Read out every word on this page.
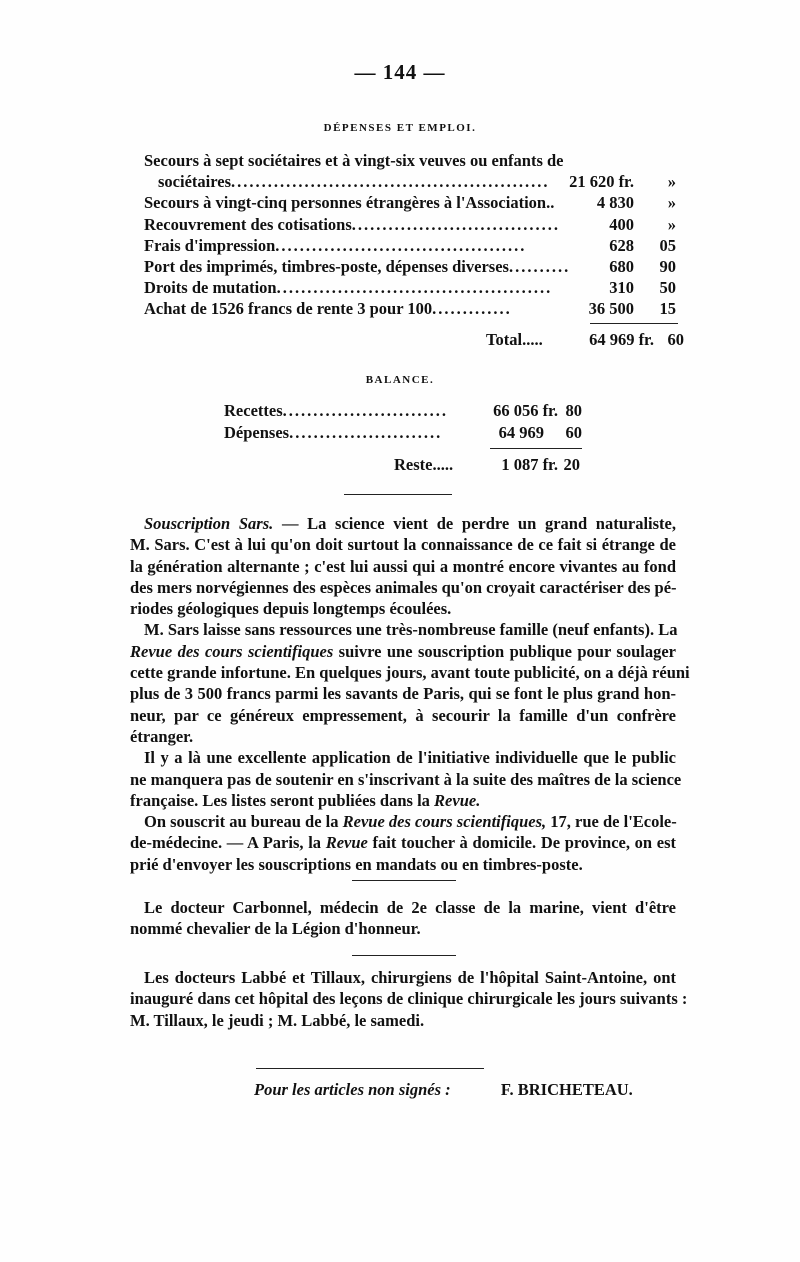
— 144 —
DÉPENSES ET EMPLOI.
Secours à sept sociétaires et à vingt-six veuves ou enfants de
sociétaires....................................................	21 620 fr.	»
Secours à vingt-cinq personnes étrangères à l'Association..	4 830	»
Recouvrement des cotisations..................................	400	»
Frais d'impression.........................................	628	05
Port des imprimés, timbres-poste, dépenses diverses..........	680	90
Droits de mutation.............................................	310	50
Achat de 1526 francs de rente 3 pour 100.............	36 500	15
Total.....	64 969 fr. 60
BALANCE.
Recettes...........................	66 056 fr. 80
Dépenses.........................	64 969	60
Reste.....	1 087 fr. 20
Souscription Sars. — La science vient de perdre un grand naturaliste,
M. Sars. C'est à lui qu'on doit surtout la connaissance de ce fait si étrange de
la génération alternante ; c'est lui aussi qui a montré encore vivantes au fond
des mers norvégiennes des espèces animales qu'on croyait caractériser des pé-
riodes géologiques depuis longtemps écoulées.
M. Sars laisse sans ressources une très-nombreuse famille (neuf enfants). La
Revue des cours scientifiques suivre une souscription publique pour soulager
cette grande infortune. En quelques jours, avant toute publicité, on a déjà réuni
plus de 3 500 francs parmi les savants de Paris, qui se font le plus grand hon-
neur, par ce généreux empressement, à secourir la famille d'un confrère
étranger.
Il y a là une excellente application de l'initiative individuelle que le public
ne manquera pas de soutenir en s'inscrivant à la suite des maîtres de la science
française. Les listes seront publiées dans la Revue.
On souscrit au bureau de la Revue des cours scientifiques, 17, rue de l'Ecole-
de-médecine. — A Paris, la Revue fait toucher à domicile. De province, on est
prié d'envoyer les souscriptions en mandats ou en timbres-poste.
Le docteur Carbonnel, médecin de 2e classe de la marine, vient d'être
nommé chevalier de la Légion d'honneur.
Les docteurs Labbé et Tillaux, chirurgiens de l'hôpital Saint-Antoine, ont
inauguré dans cet hôpital des leçons de clinique chirurgicale les jours suivants :
M. Tillaux, le jeudi ; M. Labbé, le samedi.
Pour les articles non signés :	F. BRICHETEAU.
